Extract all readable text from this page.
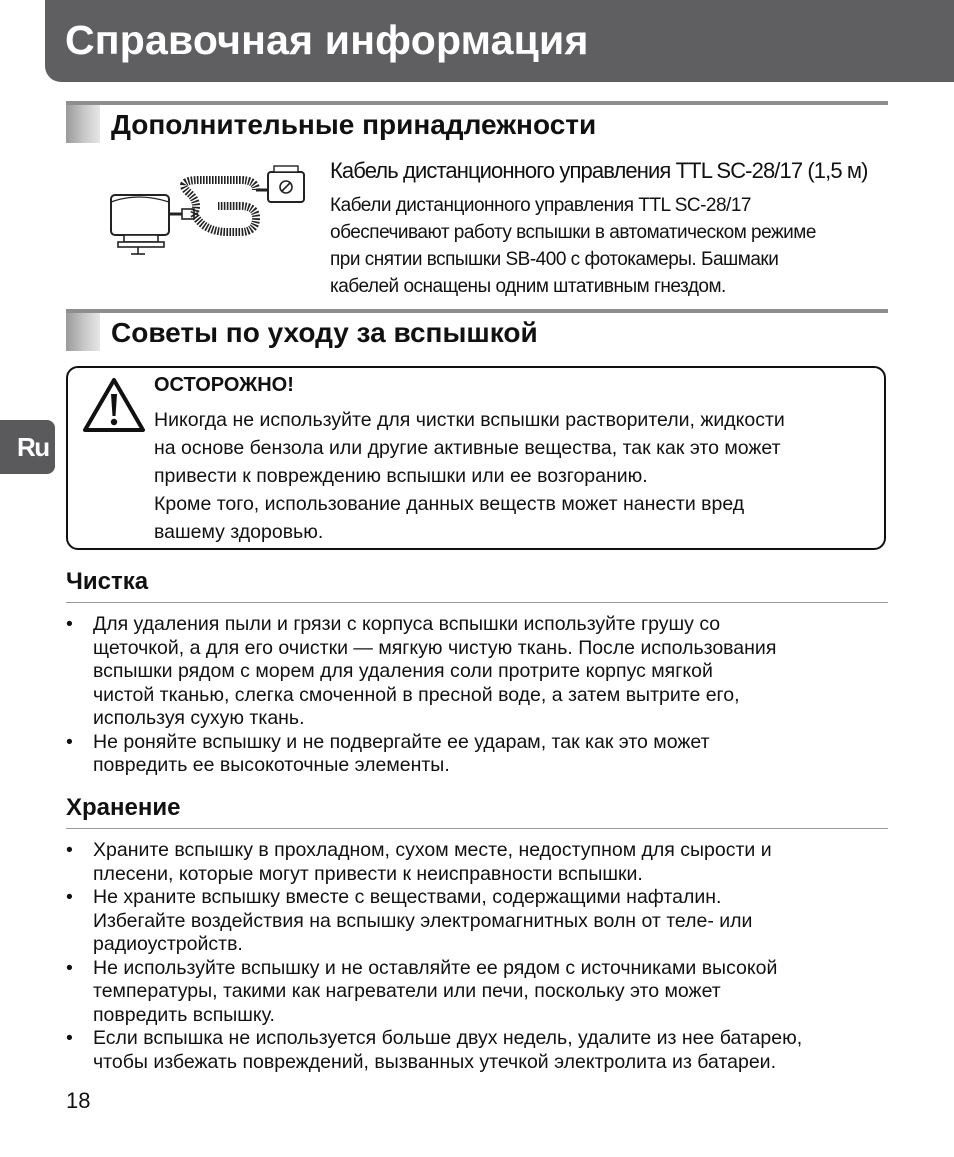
Справочная информация
Ru
Дополнительные принадлежности

Кабель дистанционного управления TTL SC-28/17 (1,5 м)

Кабели дистанционного управления TTL SC-28/17
обеспечивают работу вспышки в автоматическом режиме
при снятии вспышки SB-400 с фотокамеры. Башмаки
кабелей оснащены одним штативным гнездом.

Советы по уходу за вспышкой

ОСТОРОЖНО!

Никогда не используйте для чистки вспышки растворители, жидкости
на основе бензола или другие активные вещества, так как это может
привести к повреждению вспышки или ее возгоранию.
Кроме того, использование данных веществ может нанести вред
вашему здоровью.

Чистка
• Для удаления пыли и грязи с корпуса вспышки используйте грушу со
щеточкой, а для его очистки — мягкую чистую ткань. После использования
вспышки рядом с морем для удаления соли протрите корпус мягкой
чистой тканью, слегка смоченной в пресной воде, а затем вытрите его,
используя сухую ткань.
• Не роняйте вспышку и не подвергайте ее ударам, так как это может
повредить ее высокоточные элементы.
Хранение
• Храните вспышку в прохладном, сухом месте, недоступном для сырости и
плесени, которые могут привести к неисправности вспышки.
• Не храните вспышку вместе с веществами, содержащими нафталин.
Избегайте воздействия на вспышку электромагнитных волн от теле- или
радиоустройств.
• Не используйте вспышку и не оставляйте ее рядом с источниками высокой
температуры, такими как нагреватели или печи, поскольку это может
повредить вспышку.
• Если вспышка не используется больше двух недель, удалите из нее батарею,
чтобы избежать повреждений, вызванных утечкой электролита из батареи.

18
